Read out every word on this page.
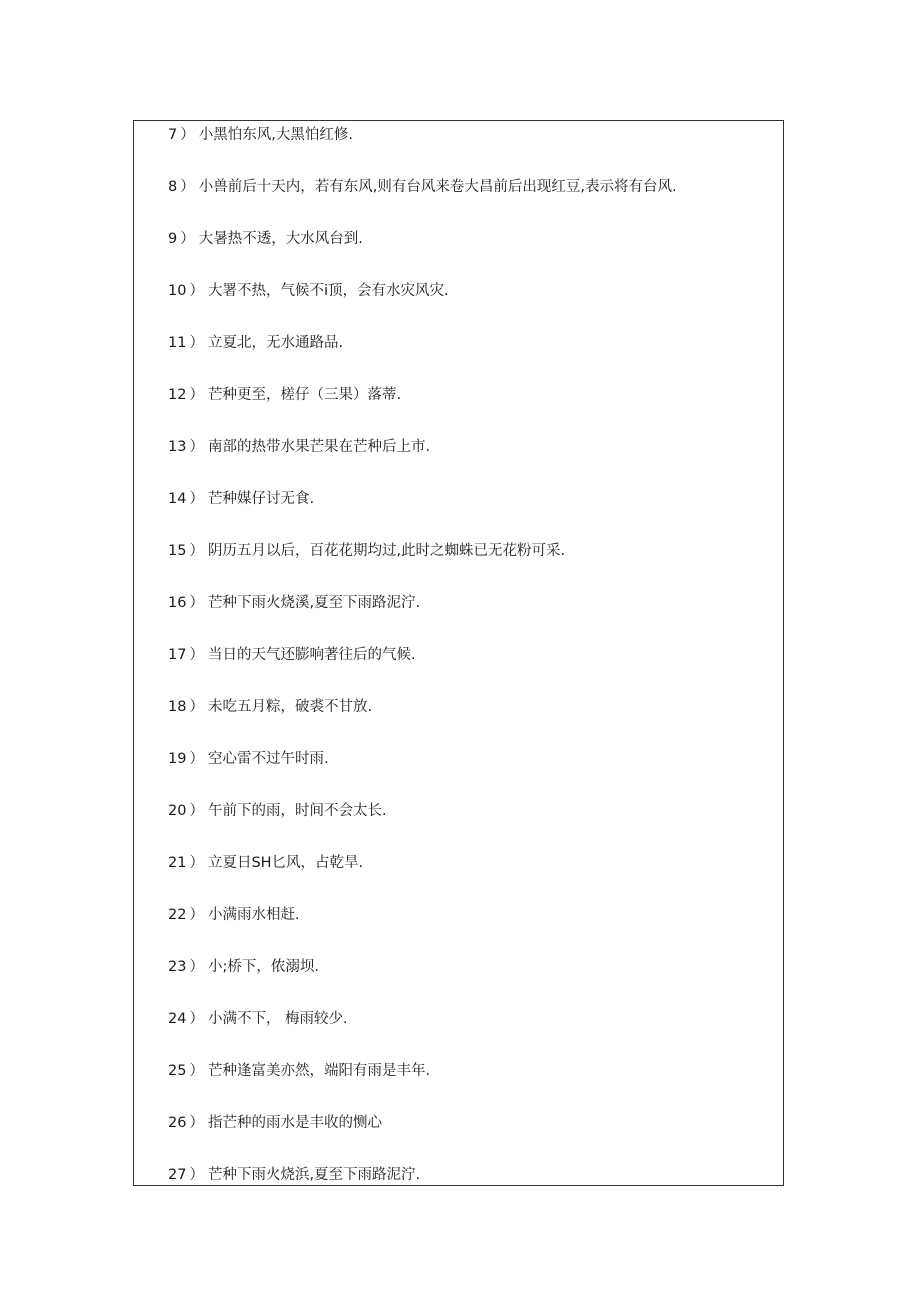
7 ） 小黑怕东风,大黑怕红修.
8 ） 小兽前后十天内，若有东风,则有台风来卷大昌前后出现红豆,表示将有台风.
9 ） 大暑热不透，大水风台到.
10 ） 大署不热，气候不i顶，会有水灾风灾.
11 ） 立夏北，无水通路品.
12 ） 芒种更至，槎仔（三果）落蒂.
13 ） 南部的热带水果芒果在芒种后上市.
14 ） 芒种媒仔讨无食.
15 ） 阴历五月以后，百花花期均过,此时之蜘蛛已无花粉可采.
16 ） 芒种下雨火烧溪,夏至下雨路泥泞.
17 ） 当日的天气还膨响著往后的气候.
18 ） 未吃五月粽，破裘不甘放.
19 ） 空心雷不过午时雨.
20 ） 午前下的雨，时间不会太长.
21 ） 立夏日SH匕风，占乾旱.
22 ） 小满雨水相赶.
23 ） 小;桥下，侬溺坝.
24 ） 小满不下， 梅雨较少.
25 ） 芒种逢富美亦然，端阳有雨是丰年.
26 ） 指芒种的雨水是丰收的恻心
27 ） 芒种下雨火烧浜,夏至下雨路泥泞.
